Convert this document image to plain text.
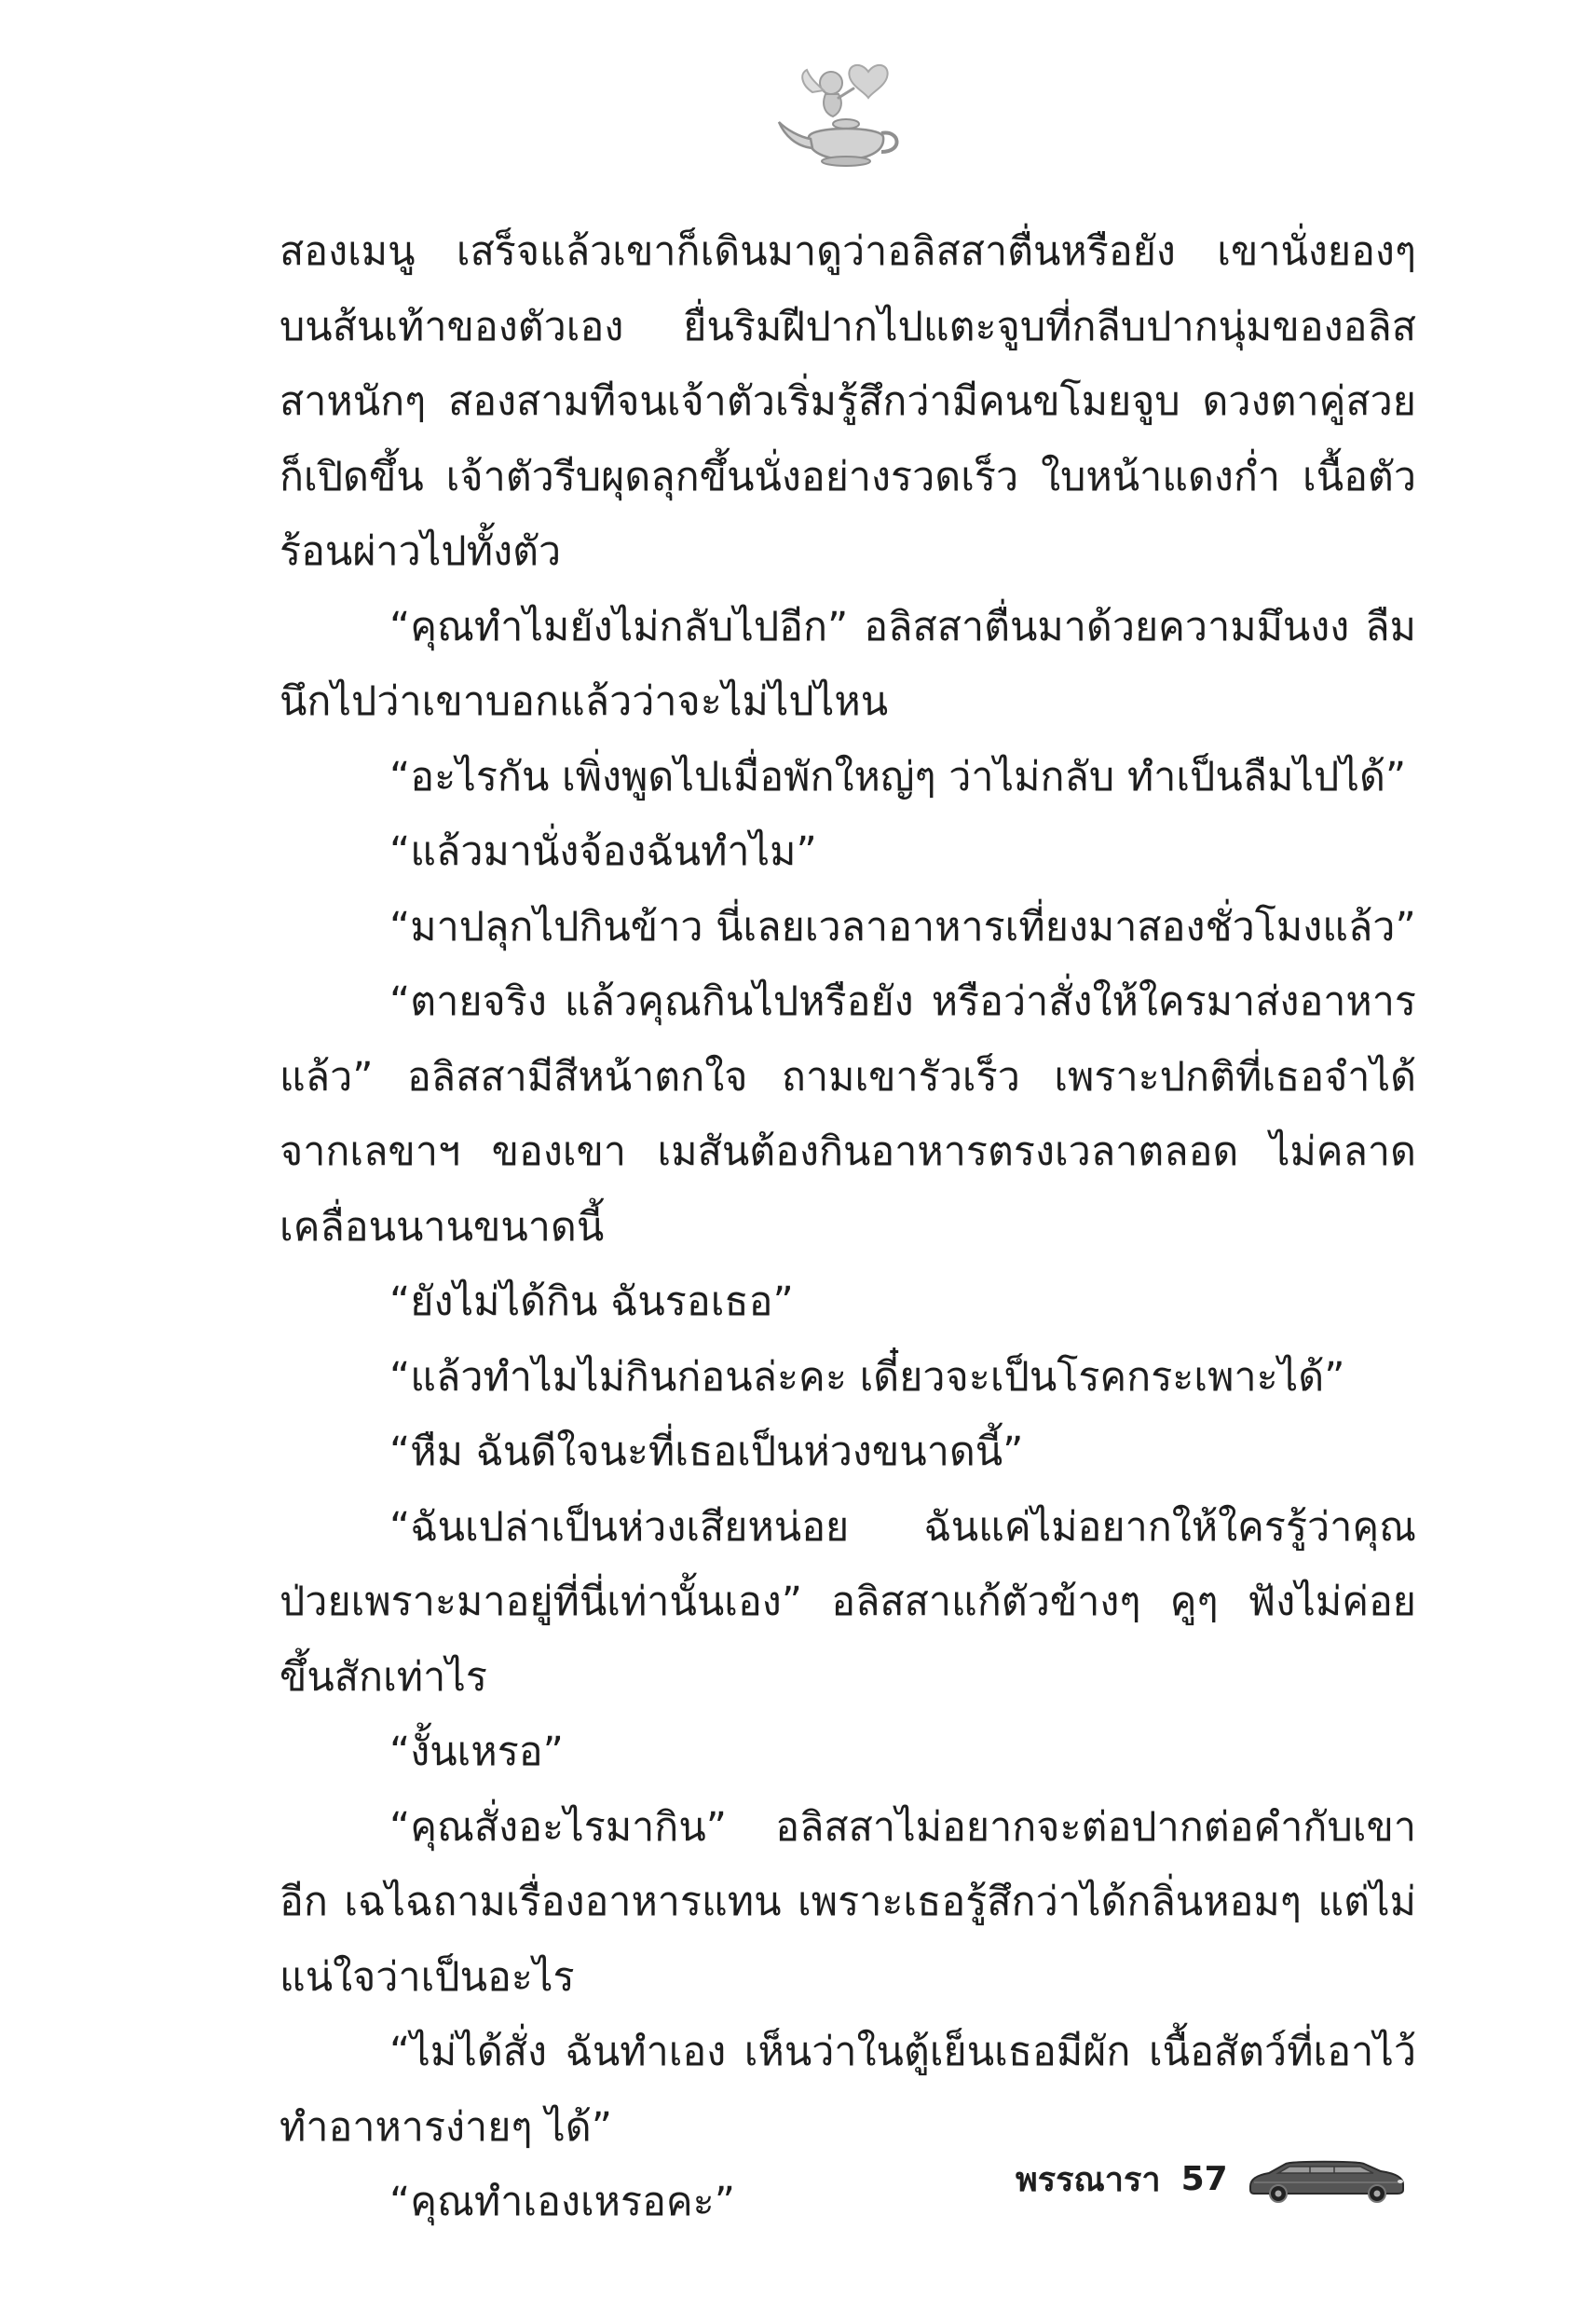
สองเมนู เสร็จแล้วเขาก็เดินมาดูว่าอลิสสาตื่นหรือยัง เขานั่งยองๆ บนส้นเท้าของตัวเอง ยื่นริมฝีปากไปแตะจูบที่กลีบปากนุ่มของอลิสสาหนักๆ สองสามทีจนเจ้าตัวเริ่มรู้สึกว่ามีคนขโมยจูบ ดวงตาคู่สวยก็เปิดขึ้น เจ้าตัวรีบผุดลุกขึ้นนั่งอย่างรวดเร็ว ใบหน้าแดงก่ำ เนื้อตัวร้อนผ่าวไปทั้งตัว

“คุณทำไมยังไม่กลับไปอีก” อลิสสาตื่นมาด้วยความมึนงง ลืมนึกไปว่าเขาบอกแล้วว่าจะไม่ไปไหน

“อะไรกัน เพิ่งพูดไปเมื่อพักใหญ่ๆ ว่าไม่กลับ ทำเป็นลืมไปได้”

“แล้วมานั่งจ้องฉันทำไม”

“มาปลุกไปกินข้าว นี่เลยเวลาอาหารเที่ยงมาสองชั่วโมงแล้ว”

“ตายจริง แล้วคุณกินไปหรือยัง หรือว่าสั่งให้ใครมาส่งอาหารแล้ว” อลิสสามีสีหน้าตกใจ ถามเขารัวเร็ว เพราะปกติที่เธอจำได้จากเลขาฯ ของเขา เมสันต้องกินอาหารตรงเวลาตลอด ไม่คลาดเคลื่อนนานขนาดนี้

“ยังไม่ได้กิน ฉันรอเธอ”

“แล้วทำไมไม่กินก่อนล่ะคะ เดี๋ยวจะเป็นโรคกระเพาะได้”

“หืม ฉันดีใจนะที่เธอเป็นห่วงขนาดนี้”

“ฉันเปล่าเป็นห่วงเสียหน่อย ฉันแค่ไม่อยากให้ใครรู้ว่าคุณป่วยเพราะมาอยู่ที่นี่เท่านั้นเอง” อลิสสาแก้ตัวข้างๆ คูๆ ฟังไม่ค่อยขึ้นสักเท่าไร

“งั้นเหรอ”

“คุณสั่งอะไรมากิน” อลิสสาไม่อยากจะต่อปากต่อคำกับเขาอีก เฉไฉถามเรื่องอาหารแทน เพราะเธอรู้สึกว่าได้กลิ่นหอมๆ แต่ไม่แน่ใจว่าเป็นอะไร

“ไม่ได้สั่ง ฉันทำเอง เห็นว่าในตู้เย็นเธอมีผัก เนื้อสัตว์ที่เอาไว้ทำอาหารง่ายๆ ได้”

“คุณทำเองเหรอคะ”	พรรณารา 57
